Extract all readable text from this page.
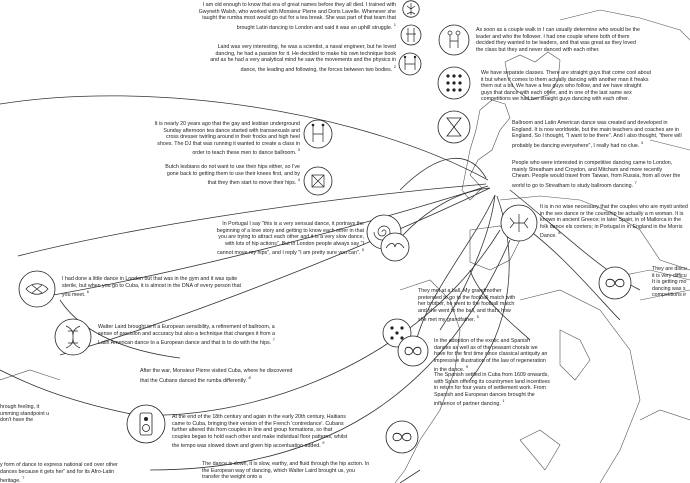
I am old enough to know that era of great names before they all died. I trained with Gwyneth Walsh, who worked with Monsieur Pierre and Doris Lavelle. Whenever she taught the rumba most would go out for a tea break. She was part of that team that brought Latin dancing to London and said it was an uphill struggle. $^1$
Laird was very interesting, he was a scientist, a naval engineer, but he loved dancing, he had a passion for it. He decided to make his own technique book and as he had a very analytical mind he saw the movements and the physics in dance, the leading and following, the forces between two bodies. $^2$
It is nearly 20 years ago that the gay and lesbian underground Sunday afternoon tea dance started with transsexuals and cross dresser twirling around in their frocks and high heel shoes. The DJ that was running it wanted to create a class in order to teach these men to dance ballroom. $^3$
Butch lesbians do not want to use their hips either, so I've gone back to getting them to use their knees first, and by that they then start to move their hips. $^4$
In Portugal I say "this is a very sensual dance, it portrays the beginning of a love story and getting to know each other in that you are trying to attract each other and it is a very slow dance, with lots of hip actions". But in London people always say "I cannot move my hips", and I reply "I am pretty sure you can". $^5$
I had done a little dance in London but that was in the gym and it was quite sterile, but when you go to Cuba, it is almost in the DNA of every person that you meet. $^6$
Walter Laird brought to it a European sensibility, a refinement of ballroom, a sense of precision and accuracy but also a technique that changes it from a Latin American dance to a European dance and that is to do with the hips. $^7$
After the war, Monsieur Pierre visited Cuba, where he discovered that the Cubans danced the rumba differently. $^8$
At the end of the 18th century and again in the early 20th century, Haitians came to Cuba, bringing their version of the French 'contredance'. Cubans further altered this from couples in line and group formations, so that couples began to hold each other and make individual floor patterns, whilst the tempo was slowed down and given hip accentuation added. $^9$
The dance is down, it is slow, earthy, and fluid through the hip action. In the European way of dancing, which Walter Laird brought us, you transfer the weight onto a
As soon as a couple walk in I can usually determine who would be the leader and who the follower. I had one couple where both of them decided they wanted to be leaders, and that was great as they loved the class but they and never danced with each other.
We have separate classes. There are straight guys that come cool about it but when it comes to them actually dancing with another man it freaks them out a bit. We have a few guys who follow, and we have straight guys that dance with each other, and in one of the last same sex competitions we had two straight guys dancing with each other.
Ballroom and Latin American dance was created and developed in England. It is now worldwide, but the main teachers and coaches are in England. So I thought, "I want to be there". And I also thought, "there will probably be dancing everywhere", I really had no clue. $^3$
People who were interested in competitive dancing came to London, mainly Streatham and Croydon, and Mitcham and more recently Cheam. People would travel from Taiwan, from Russia, from all over the world to go to Streatham to study ballroom dancing. $^7$
It is in no wise necessary that the couples who are mysti united in the sex dance or the courtship be actually a m woman. It is known in ancient Greece; in later Spain, in of Mallorca in the folk dance els corriers; in Portugal in in England in the Morris Dance. $^8$
They met at a ball. My grandmother pretended to go to the football match with her brother, he went to the football match and she went to the ball, and that's how she met my grandfather. $^5$
In the adoption of the exotic and Spanish dances as well as of the peasant chorals we have for the first time since classical antiquity an impressive illustration of the law of regeneration in the dance. $^9$
The Spanish settled in Cuba from 1609 onwards, with Spain offering its countrymen land incentives in return for four years of settlement work. From Spanish and European dances brought the influence of partner dancing. $^1$
They are discu it is very difficu It is getting mo dancing was s competitions ir
hrough feeling, it umming standpoint u don't have the
y form of dance to express national ced over other dances because it gets her" and for its Afro-Latin heritage. $^7$
